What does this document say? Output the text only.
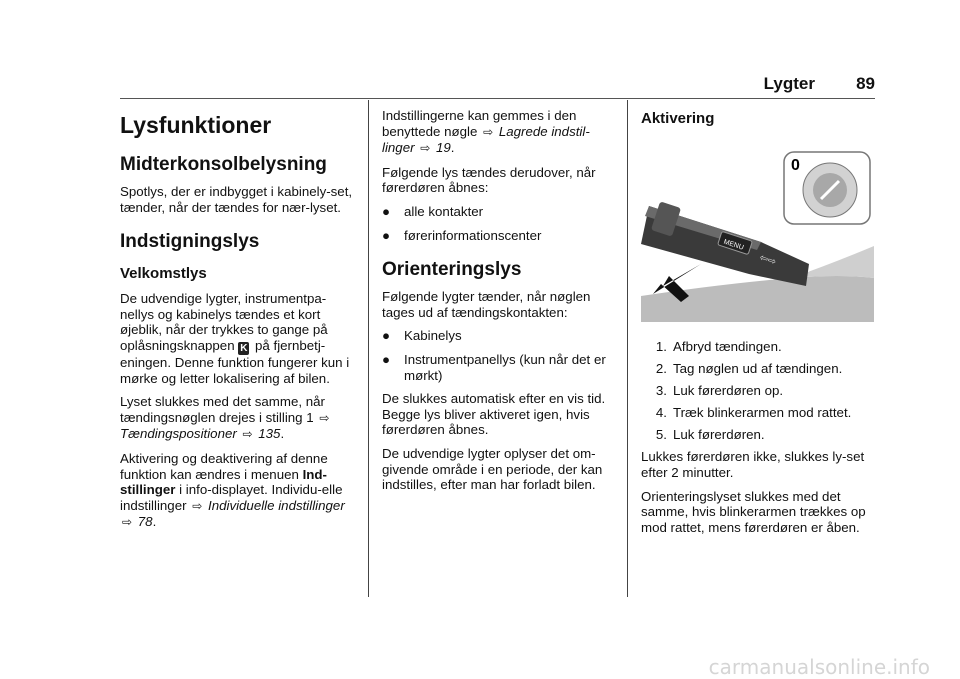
Lygter 89
Lysfunktioner
Midterkonsolbelysning

Spotlys, der er indbygget i kabinely-set, tænder, når der tændes for nær-lyset.

Indstigningslys
Velkomstlys

De udvendige lygter, instrumentpa-nellys og kabinelys tændes et kort øjeblik, når der trykkes to gange på oplåsningsknappen K på fjernbetj-eningen. Denne funktion fungerer kun i mørke og letter lokalisering af bilen.

Lyset slukkes med det samme, når tændingsnøglen drejes i stilling 1 ⇨ Tændingspositioner ⇨ 135.

Aktivering og deaktivering af denne funktion kan ændres i menuen Ind-stillinger i info-displayet. Individu-elle indstillinger ⇨ Individuelle indstillinger ⇨ 78.

Indstillingerne kan gemmes i den benyttede nøgle ⇨ Lagrede indstil-linger ⇨ 19.

Følgende lys tændes derudover, når førerdøren åbnes:

●	alle kontakter
●	førerinformationscenter
Orienteringslys

Følgende lygter tænder, når nøglen tages ud af tændingskontakten:

●	Kabinelys
●	Instrumentpanellys (kun når det er mørkt)

De slukkes automatisk efter en vis tid. Begge lys bliver aktiveret igen, hvis førerdøren åbnes.

De udvendige lygter oplyser det om-givende område i en periode, der kan indstilles, efter man har forladt bilen.

Aktivering
MENU
⇦⇨
0
1. Afbryd tændingen.
2. Tag nøglen ud af tændingen.
3. Luk førerdøren op.
4. Træk blinkerarmen mod rattet.
5. Luk førerdøren.

Lukkes førerdøren ikke, slukkes ly-set efter 2 minutter.

Orienteringslyset slukkes med det samme, hvis blinkerarmen trækkes op mod rattet, mens førerdøren er åben.

carmanualsonline.info
